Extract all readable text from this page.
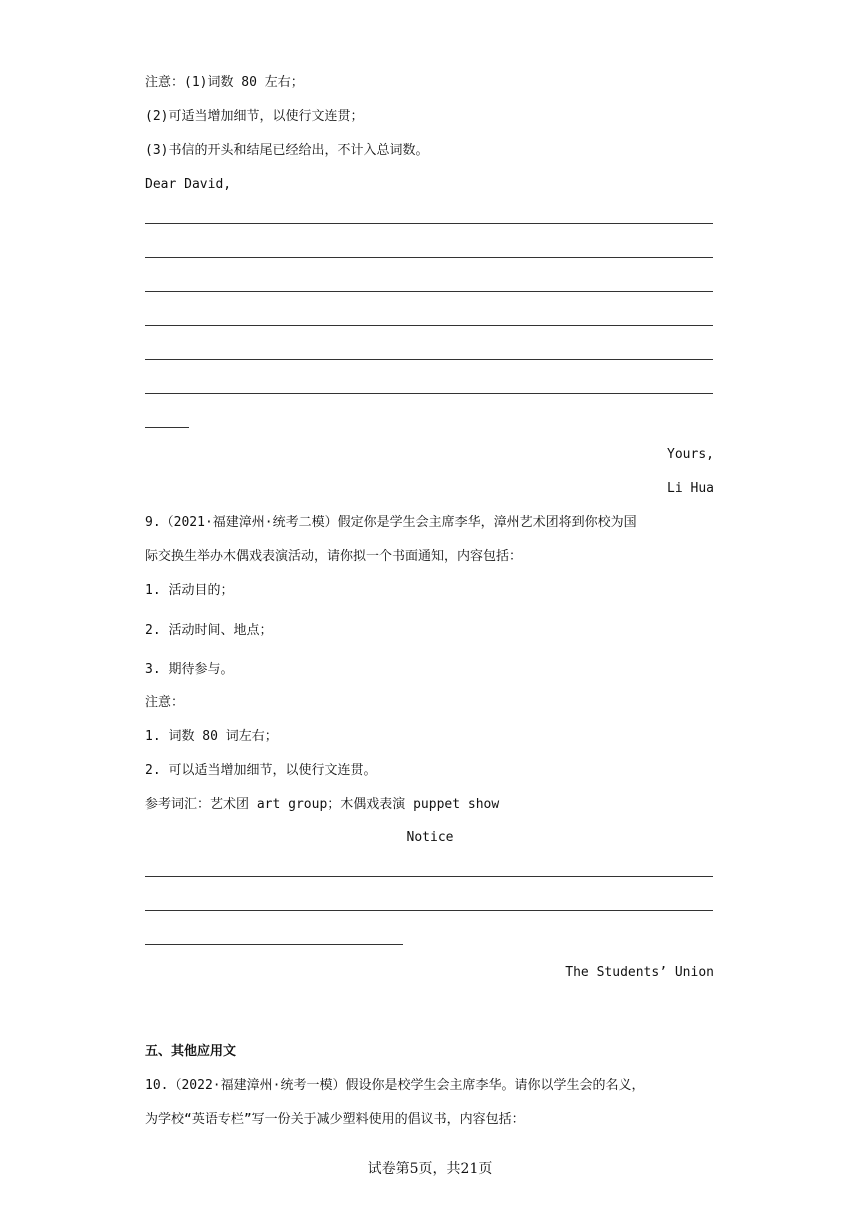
注意：(1)词数 80 左右；
(2)可适当增加细节，以使行文连贯；
(3)书信的开头和结尾已经给出，不计入总词数。
Dear David,
Yours,
Li Hua
9.（2021·福建漳州·统考二模）假定你是学生会主席李华，漳州艺术团将到你校为国
际交换生举办木偶戏表演活动，请你拟一个书面通知，内容包括：
1. 活动目的；
2. 活动时间、地点；
3. 期待参与。
注意：
1. 词数 80 词左右；
2. 可以适当增加细节，以使行文连贯。
参考词汇：艺术团 art group；木偶戏表演 puppet show
Notice
The Students’ Union
五、其他应用文
10.（2022·福建漳州·统考一模）假设你是校学生会主席李华。请你以学生会的名义，
为学校“英语专栏”写一份关于减少塑料使用的倡议书，内容包括：
试卷第5页，共21页
